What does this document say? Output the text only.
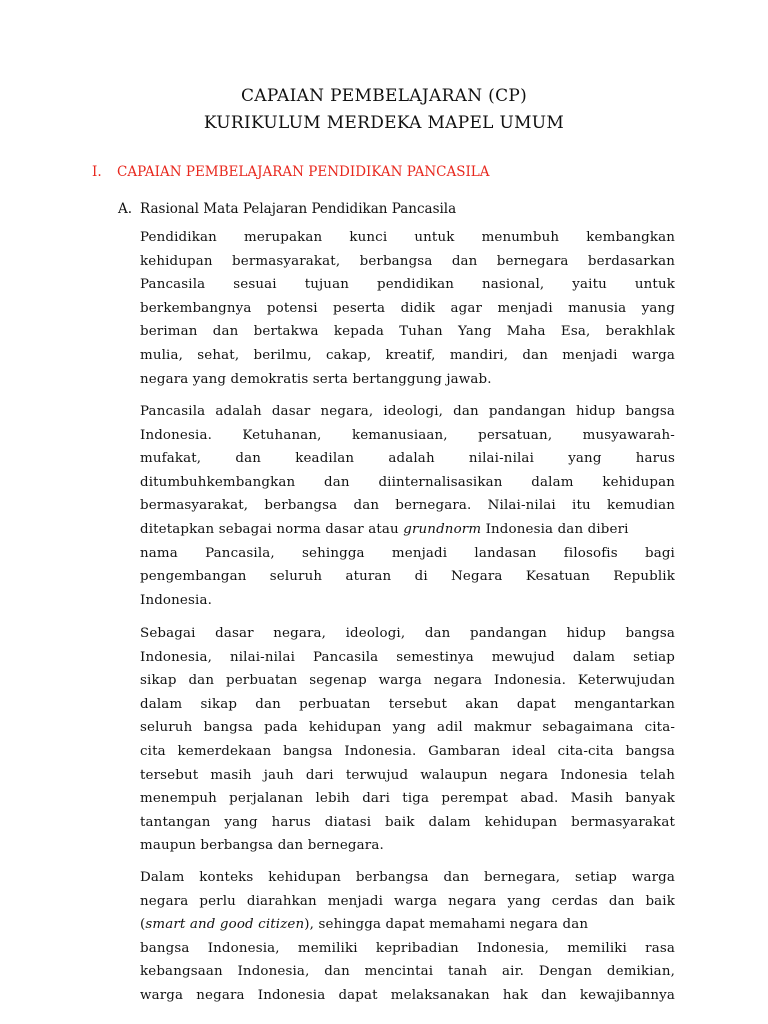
CAPAIAN PEMBELAJARAN (CP)
KURIKULUM MERDEKA MAPEL UMUM
I. CAPAIAN PEMBELAJARAN PENDIDIKAN PANCASILA
A. Rasional Mata Pelajaran Pendidikan Pancasila
Pendidikan merupakan kunci untuk menumbuh kembangkan
kehidupan bermasyarakat, berbangsa dan bernegara berdasarkan
Pancasila sesuai tujuan pendidikan nasional, yaitu untuk
berkembangnya potensi peserta didik agar menjadi manusia yang
beriman dan bertakwa kepada Tuhan Yang Maha Esa, berakhlak
mulia, sehat, berilmu, cakap, kreatif, mandiri, dan menjadi warga
negara yang demokratis serta bertanggung jawab.
Pancasila adalah dasar negara, ideologi, dan pandangan hidup bangsa
Indonesia. Ketuhanan, kemanusiaan, persatuan, musyawarah-
mufakat, dan keadilan adalah nilai-nilai yang harus
ditumbuhkembangkan dan diinternalisasikan dalam kehidupan
bermasyarakat, berbangsa dan bernegara. Nilai-nilai itu kemudian
ditetapkan sebagai norma dasar atau grundnorm Indonesia dan diberi
nama Pancasila, sehingga menjadi landasan filosofis bagi
pengembangan seluruh aturan di Negara Kesatuan Republik
Indonesia.
Sebagai dasar negara, ideologi, dan pandangan hidup bangsa
Indonesia, nilai-nilai Pancasila semestinya mewujud dalam setiap
sikap dan perbuatan segenap warga negara Indonesia. Keterwujudan
dalam sikap dan perbuatan tersebut akan dapat mengantarkan
seluruh bangsa pada kehidupan yang adil makmur sebagaimana cita-
cita kemerdekaan bangsa Indonesia. Gambaran ideal cita-cita bangsa
tersebut masih jauh dari terwujud walaupun negara Indonesia telah
menempuh perjalanan lebih dari tiga perempat abad. Masih banyak
tantangan yang harus diatasi baik dalam kehidupan bermasyarakat
maupun berbangsa dan bernegara.
Dalam konteks kehidupan berbangsa dan bernegara, setiap warga
negara perlu diarahkan menjadi warga negara yang cerdas dan baik
(smart and good citizen), sehingga dapat memahami negara dan
bangsa Indonesia, memiliki kepribadian Indonesia, memiliki rasa
kebangsaan Indonesia, dan mencintai tanah air. Dengan demikian,
warga negara Indonesia dapat melaksanakan hak dan kewajibannya
